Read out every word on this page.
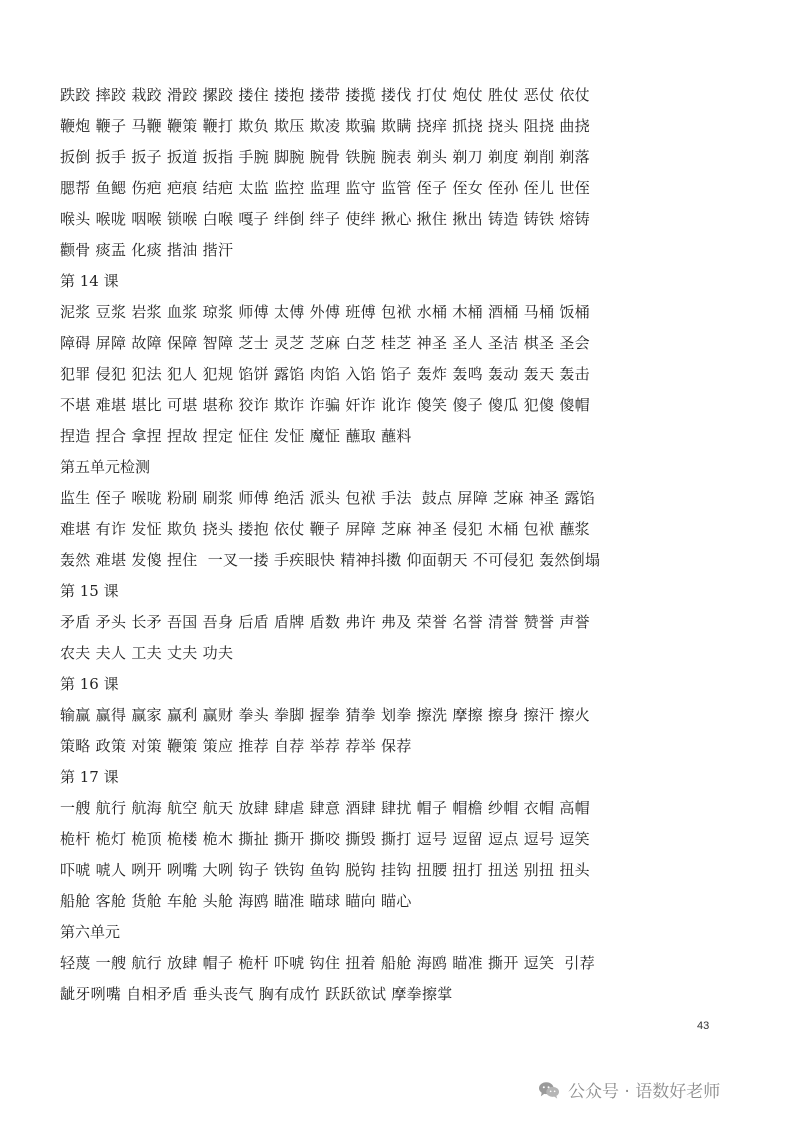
跌跤 摔跤 栽跤 滑跤 摞跤 搂住 搂抱 搂带 搂揽 搂伐 打仗 炮仗 胜仗 恶仗 依仗
鞭炮 鞭子 马鞭 鞭策 鞭打 欺负 欺压 欺凌 欺骗 欺瞒 挠痒 抓挠 挠头 阻挠 曲挠
扳倒 扳手 扳子 扳道 扳指 手腕 脚腕 腕骨 铁腕 腕表 剃头 剃刀 剃度 剃削 剃落
腮帮 鱼鳃 伤疤 疤痕 结疤 太监 监控 监理 监守 监管 侄子 侄女 侄孙 侄儿 世侄
喉头 喉咙 咽喉 锁喉 白喉 嘎子 绊倒 绊子 使绊 揪心 揪住 揪出 铸造 铸铁 熔铸
颧骨 痰盂 化痰 揩油 揩汗
第 14 课
泥浆 豆浆 岩浆 血浆 琼浆 师傅 太傅 外傅 班傅 包袱 水桶 木桶 酒桶 马桶 饭桶
障碍 屏障 故障 保障 智障 芝士 灵芝 芝麻 白芝 桂芝 神圣 圣人 圣洁 棋圣 圣会
犯罪 侵犯 犯法 犯人 犯规 馅饼 露馅 肉馅 入馅 馅子 轰炸 轰鸣 轰动 轰天 轰击
不堪 难堪 堪比 可堪 堪称 狡诈 欺诈 诈骗 奸诈 讹诈 傻笑 傻子 傻瓜 犯傻 傻帽
捏造 捏合 拿捏 捏故 捏定 怔住 发怔 魔怔 蘸取 蘸料
第五单元检测
监生 侄子 喉咙 粉刷 刷浆 师傅 绝活 派头 包袱 手法  鼓点 屏障 芝麻 神圣 露馅
难堪 有诈 发怔 欺负 挠头 搂抱 依仗 鞭子 屏障 芝麻 神圣 侵犯 木桶 包袱 蘸浆
轰然 难堪 发傻 捏住  一叉一搂 手疾眼快 精神抖擞 仰面朝天 不可侵犯 轰然倒塌
第 15 课
矛盾 矛头 长矛 吾国 吾身 后盾 盾牌 盾数 弗许 弗及 荣誉 名誉 清誉 赞誉 声誉
农夫 夫人 工夫 丈夫 功夫
第 16 课
输赢 赢得 赢家 赢利 赢财 拳头 拳脚 握拳 猜拳 划拳 擦洗 摩擦 擦身 擦汗 擦火
策略 政策 对策 鞭策 策应 推荐 自荐 举荐 荐举 保荐
第 17 课
一艘 航行 航海 航空 航天 放肆 肆虐 肆意 酒肆 肆扰 帽子 帽檐 纱帽 衣帽 高帽
桅杆 桅灯 桅顶 桅楼 桅木 撕扯 撕开 撕咬 撕毁 撕打 逗号 逗留 逗点 逗号 逗笑
吓唬 唬人 咧开 咧嘴 大咧 钩子 铁钩 鱼钩 脱钩 挂钩 扭腰 扭打 扭送 别扭 扭头
船舱 客舱 货舱 车舱 头舱 海鸥 瞄准 瞄球 瞄向 瞄心
第六单元
轻蔑 一艘 航行 放肆 帽子 桅杆 吓唬 钩住 扭着 船舱 海鸥 瞄准 撕开 逗笑  引荐
龇牙咧嘴 自相矛盾 垂头丧气 胸有成竹 跃跃欲试 摩拳擦掌
43
公众号 · 语数好老师
